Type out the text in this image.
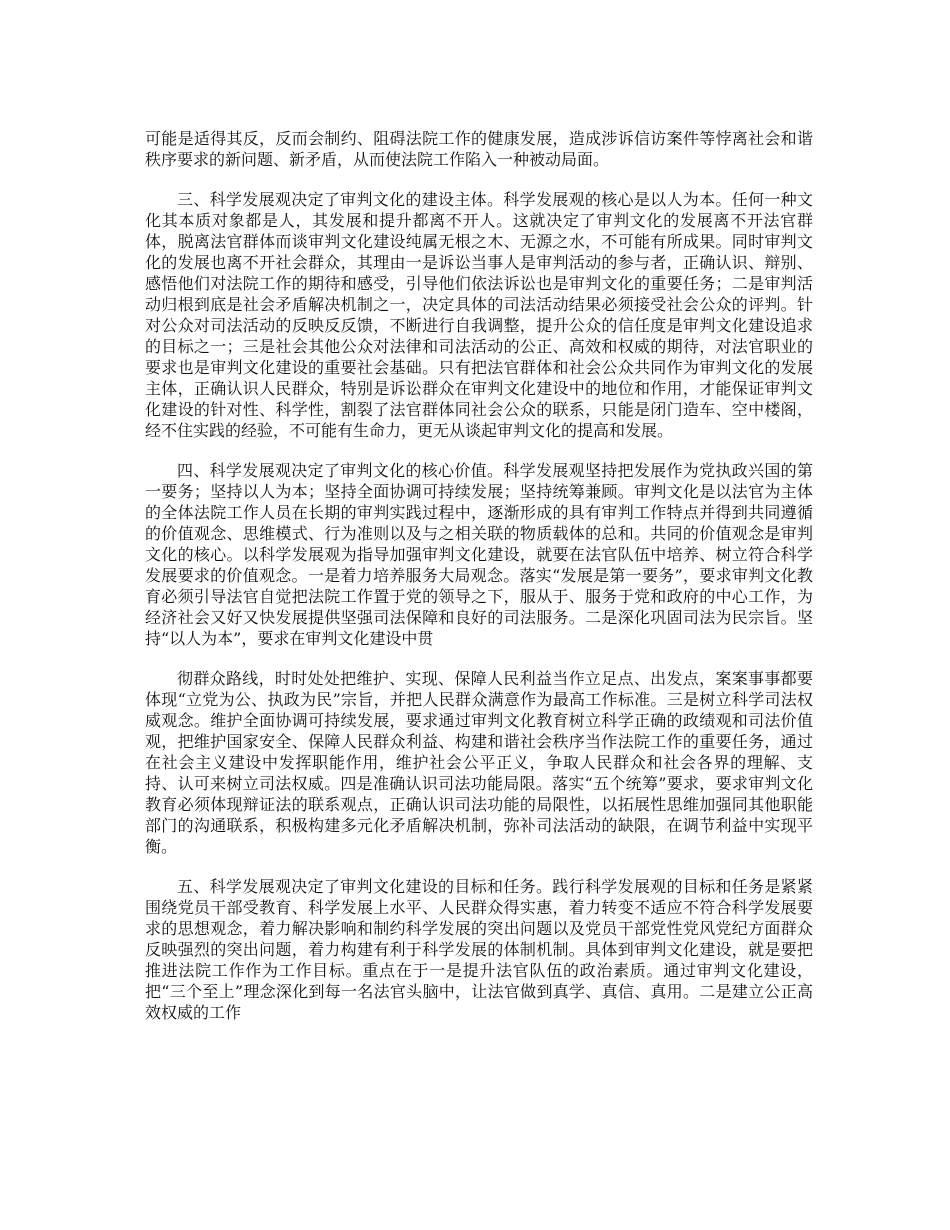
可能是适得其反，反而会制约、阻碍法院工作的健康发展，造成涉诉信访案件等悖离社会和谐秩序要求的新问题、新矛盾，从而使法院工作陷入一种被动局面。

三、科学发展观决定了审判文化的建设主体。科学发展观的核心是以人为本。任何一种文化其本质对象都是人，其发展和提升都离不开人。这就决定了审判文化的发展离不开法官群体，脱离法官群体而谈审判文化建设纯属无根之木、无源之水，不可能有所成果。同时审判文化的发展也离不开社会群众，其理由一是诉讼当事人是审判活动的参与者，正确认识、辩别、感悟他们对法院工作的期待和感受，引导他们依法诉讼也是审判文化的重要任务；二是审判活动归根到底是社会矛盾解决机制之一，决定具体的司法活动结果必须接受社会公众的评判。针对公众对司法活动的反映反反馈，不断进行自我调整，提升公众的信任度是审判文化建设追求的目标之一；三是社会其他公众对法律和司法活动的公正、高效和权威的期待，对法官职业的要求也是审判文化建设的重要社会基础。只有把法官群体和社会公众共同作为审判文化的发展主体，正确认识人民群众，特别是诉讼群众在审判文化建设中的地位和作用，才能保证审判文化建设的针对性、科学性，割裂了法官群体同社会公众的联系，只能是闭门造车、空中楼阁，经不住实践的经验，不可能有生命力，更无从谈起审判文化的提高和发展。

四、科学发展观决定了审判文化的核心价值。科学发展观坚持把发展作为党执政兴国的第一要务；坚持以人为本；坚持全面协调可持续发展；坚持统筹兼顾。审判文化是以法官为主体的全体法院工作人员在长期的审判实践过程中，逐渐形成的具有审判工作特点并得到共同遵循的价值观念、思维模式、行为准则以及与之相关联的物质载体的总和。共同的价值观念是审判文化的核心。以科学发展观为指导加强审判文化建设，就要在法官队伍中培养、树立符合科学发展要求的价值观念。一是着力培养服务大局观念。落实“发展是第一要务”，要求审判文化教育必须引导法官自觉把法院工作置于党的领导之下，服从于、服务于党和政府的中心工作，为经济社会又好又快发展提供坚强司法保障和良好的司法服务。二是深化巩固司法为民宗旨。坚持“以人为本”，要求在审判文化建设中贯

彻群众路线，时时处处把维护、实现、保障人民利益当作立足点、出发点，案案事事都要体现“立党为公、执政为民”宗旨，并把人民群众满意作为最高工作标准。三是树立科学司法权威观念。维护全面协调可持续发展，要求通过审判文化教育树立科学正确的政绩观和司法价值观，把维护国家安全、保障人民群众利益、构建和谐社会秩序当作法院工作的重要任务，通过在社会主义建设中发挥职能作用，维护社会公平正义，争取人民群众和社会各界的理解、支持、认可来树立司法权威。四是准确认识司法功能局限。落实“五个统筹”要求，要求审判文化教育必须体现辩证法的联系观点，正确认识司法功能的局限性，以拓展性思维加强同其他职能部门的沟通联系，积极构建多元化矛盾解决机制，弥补司法活动的缺限，在调节利益中实现平衡。

五、科学发展观决定了审判文化建设的目标和任务。践行科学发展观的目标和任务是紧紧围绕党员干部受教育、科学发展上水平、人民群众得实惠，着力转变不适应不符合科学发展要求的思想观念，着力解决影响和制约科学发展的突出问题以及党员干部党性党风党纪方面群众反映强烈的突出问题，着力构建有利于科学发展的体制机制。具体到审判文化建设，就是要把推进法院工作作为工作目标。重点在于一是提升法官队伍的政治素质。通过审判文化建设，把“三个至上”理念深化到每一名法官头脑中，让法官做到真学、真信、真用。二是建立公正高效权威的工作
